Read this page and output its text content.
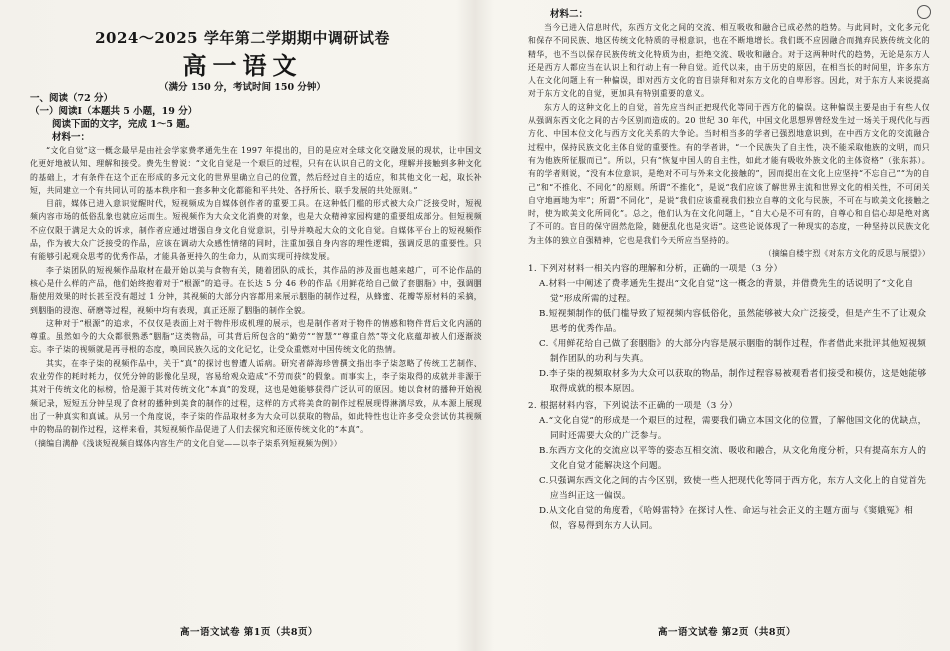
2024～2025 学年第二学期期中调研试卷
高一语文
（满分 150 分，考试时间 150 分钟）

一、阅读（72 分）

（一）阅读Ⅰ（本题共 5 小题，19 分）

阅读下面的文字，完成 1～5 题。

材料一：

“文化自觉”这一概念最早是由社会学家费孝通先生在 1997 年提出的，目的是应对全球文化交融发展的现状，让中国文化更好地被认知、理解和接受。费先生曾说：“文化自觉是一个艰巨的过程，只有在认识自己的文化，理解并接触到多种文化的基础上，才有条件在这个正在形成的多元文化的世界里确立自己的位置，然后经过自主的适应，和其他文化一起，取长补短，共同建立一个有共同认可的基本秩序和一套多种文化都能和平共处、各抒所长、联手发展的共处原则。”

目前，媒体已进入意识觉醒时代，短视频成为自媒体创作者的重要工具。在这种低门槛的形式被大众广泛接受时，短视频内容市场的低俗乱象也就应运而生。短视频作为大众文化消费的对象，也是大众精神家园构建的重要组成部分。但短视频不应仅限于满足大众的诉求，制作者应通过增强自身文化自觉意识，引导并唤起大众的文化自觉。自媒体平台上的短视频作品，作为被大众广泛接受的作品，应该在调动大众感性情绪的同时，注重加强自身内容的理性逻辑，强调反思的重要性。只有能够引起观众思考的优秀作品，才能具备更持久的生命力，从而实现可持续发展。

李子柒团队的短视频作品取材在最开始以美与食物有关，随着团队的成长，其作品的涉及面也越来越广，可不论作品的核心是什么样的产品，他们始终抱着对于“根源”的追寻。在长达 5 分 46 秒的作品《用鲜花给自己做了套胭脂》中，强调胭脂使用效果的时长甚至没有超过 1 分钟，其视频的大部分内容都用来展示胭脂的制作过程，从蜂蜜、花瓣等原材料的采摘，到胭脂的浸泡、研磨等过程，视频中均有表现，真正还原了胭脂的制作全貌。

这种对于“根源”的追求，不仅仅是表面上对于物件形成机理的展示，也是制作者对于物件的情感和物件背后文化内涵的尊重。虽然如今的大众都很熟悉“胭脂”这类物品，可其背后所包含的“勤劳”“智慧”“尊重自然”等文化底蕴却被人们逐渐淡忘。李子柒的视频就是再寻根的态度，唤回民族久远的文化记忆，让受众重燃对中国传统文化的热情。

其实，在李子柒的视频作品中，关于“真”的探讨也曾遭人诟病。研究者薛海珍曾撰文指出李子柒忽略了传统工艺制作、农业劳作的耗时耗力，仅凭分钟的影像化呈现，容易给观众造成“不劳而获”的假象。而事实上，李子柒取得的成就并非源于其对于传统文化的标榜，恰是源于其对传统文化“本真”的发现，这也是她能够获得广泛认可的原因。她以食材的播种开始视频记录，短短五分钟呈现了食材的播种到美食的制作的过程，这样的方式将美食的制作过程展现得淋漓尽致，从本源上展现出了一种真实和真诚。从另一个角度说，李子柒的作品取材多为大众可以获取的物品，如此特性也让许多受众尝试仿其视频中的物品的制作过程，这样来看，其短视频作品促进了人们去探究和还原传统文化的“本真”。

（摘编自满静《浅谈短视频自媒体内容生产的文化自觉——以李子柒系列短视频为例》）

材料二：

当今已进入信息时代，东西方文化之间的交流、相互吸收和融合已成必然的趋势。与此同时，文化多元化和保存不同民族、地区传统文化特质的寻根意识，也在不断地增长。我们既不应因融合而抛弃民族传统文化的精华，也不当以保存民族传统文化特质为由，拒绝交流、吸收和融合。对于这两种时代的趋势，无论是东方人还是西方人都应当在认识上和行动上有一种自觉。近代以来，由于历史的原因，在相当长的时间里，许多东方人在文化问题上有一种偏误，即对西方文化的盲目崇拜和对东方文化的自卑形容。因此，对于东方人来说提高对于东方文化的自觉，更加具有特别重要的意义。

东方人的这种文化上的自觉，首先应当纠正把现代化等同于西方化的偏误。这种偏误主要是由于有些人仅从强调东西文化之间的古今区别而造成的。20 世纪 30 年代，中国文化思想界曾经发生过一场关于现代化与西方化、中国本位文化与西方文化关系的大争论。当时相当多的学者已强烈地意识到，在中西方文化的交流融合过程中，保持民族文化主体自觉的重要性。有的学者讲，“一个民族失了自主性，决不能采取他族的文明，而只有为他族所征服而已”。所以，只有“恢复中国人的自主性，如此才能有吸收外族文化的主体资格”（张东荪）。有的学者则说，“没有本位意识，是绝对不可与外来文化接触的”，因而提出在文化上应坚持“不忘自己”“为的自己”和“不推化、不同化”的原则。所谓“不推化”，是说“我们应该了解世界主流和世界文化的相关性，不可闭关自守地画地为牢”；所谓“不同化”，是说“我们应该重视我们独立自尊的文化与民族，不可在与欧美文化接触之时，使为欧美文化所同化”。总之，他们认为在文化问题上，“自大心是不可有的，自尊心和自信心却是绝对离了不可的。盲目的保守固然危险，随便乱化也是灾语”。这些论说体现了一种现实的态度，一种坚持以民族文化为主体的独立自强精神，它也是我们今天所应当坚持的。

（摘编自楼宇烈《对东方文化的反思与展望》）

1. 下列对材料一相关内容的理解和分析，正确的一项是（3 分）

A.材料一中阐述了费孝通先生提出“文化自觉”这一概念的背景，并借费先生的话说明了“文化自觉”形成所需的过程。

B.短视频制作的低门槛导致了短视频内容低俗化，虽然能够被大众广泛接受，但是产生不了让观众思考的优秀作品。

C.《用鲜花给自己做了套胭脂》的大部分内容是展示胭脂的制作过程，作者借此来批评其他短视频制作团队的功利与失真。

D.李子柒的视频取材多为大众可以获取的物品，制作过程容易被观看者们接受和模仿，这是她能够取得成就的根本原因。

2. 根据材料内容，下列说法不正确的一项是（3 分）

A.“文化自觉”的形成是一个艰巨的过程，需要我们确立本国文化的位置，了解他国文化的优缺点，同时还需要大众的广泛参与。

B.东西方文化的交流应以平等的姿态互相交流、吸收和融合，从文化角度分析，只有提高东方人的文化自觉才能解决这个问题。

C.只强调东西文化之间的古今区别，致使一些人把现代化等同于西方化，东方人文化上的自觉首先应当纠正这一偏误。

D.从文化自觉的角度看，《哈姆雷特》在探讨人性、命运与社会正义的主题方面与《窦娥冤》相似，容易得到东方人认同。

高一语文试卷 第1页（共8页）	高一语文试卷 第2页（共8页）
